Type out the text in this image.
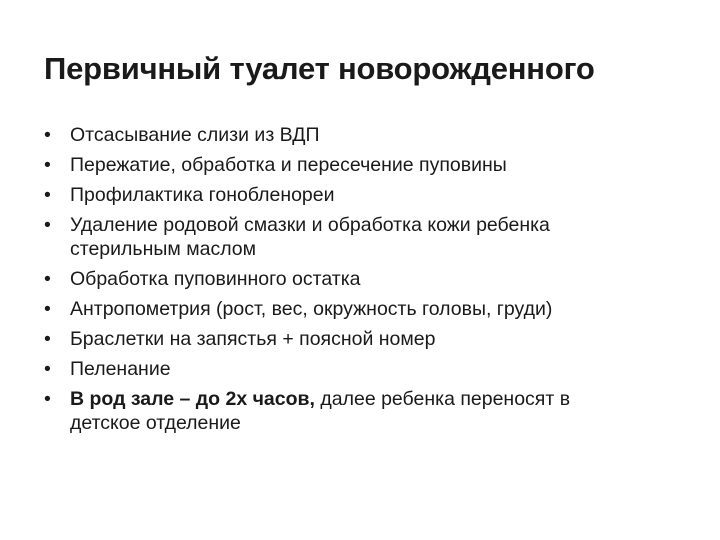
Первичный туалет новорожденного
• Отсасывание слизи из ВДП
• Пережатие, обработка и пересечение пуповины
• Профилактика гонобленореи
• Удаление родовой смазки и обработка кожи ребенка
стерильным маслом
• Обработка пуповинного остатка
• Антропометрия (рост, вес, окружность головы, груди)
• Браслетки на запястья + поясной номер
• Пеленание
• В род зале – до 2х часов, далее ребенка переносят в
детское отделение
